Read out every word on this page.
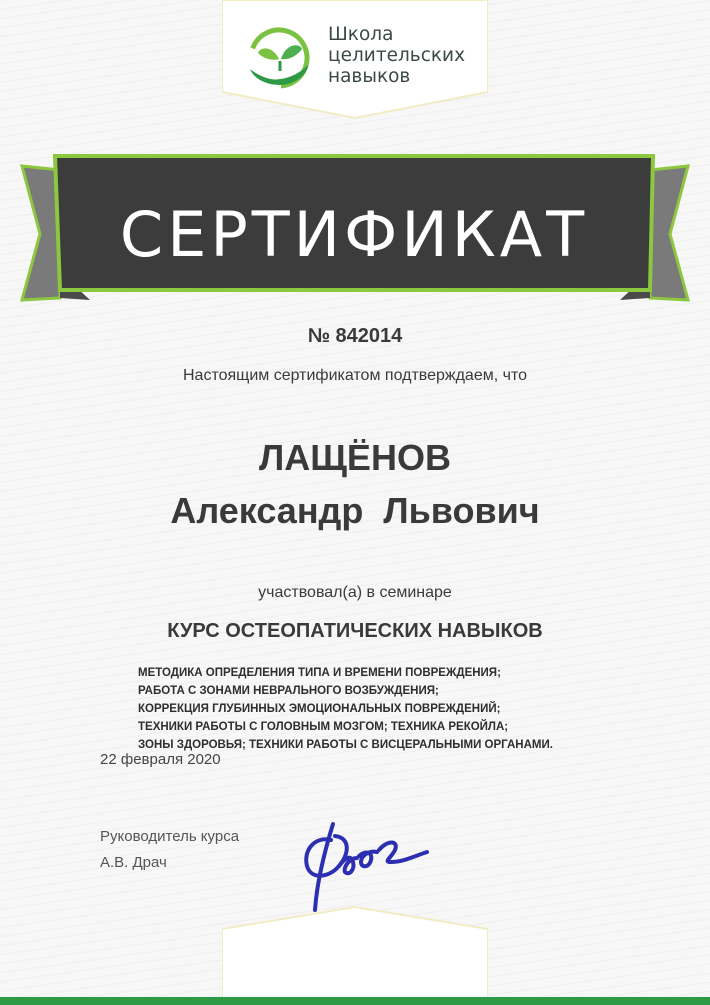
Школа
целительских
навыков
СЕРТИФИКАТ
№ 842014
Настоящим сертификатом подтверждаем, что
ЛАЩЁНОВ
Александр  Львович
участвовал(а) в семинаре
КУРС ОСТЕОПАТИЧЕСКИХ НАВЫКОВ
МЕТОДИКА ОПРЕДЕЛЕНИЯ ТИПА И ВРЕМЕНИ ПОВРЕЖДЕНИЯ;
РАБОТА С ЗОНАМИ НЕВРАЛЬНОГО ВОЗБУЖДЕНИЯ;
КОРРЕКЦИЯ ГЛУБИННЫХ ЭМОЦИОНАЛЬНЫХ ПОВРЕЖДЕНИЙ;
ТЕХНИКИ РАБОТЫ С ГОЛОВНЫМ МОЗГОМ; ТЕХНИКА РЕКОЙЛА;
ЗОНЫ ЗДОРОВЬЯ; ТЕХНИКИ РАБОТЫ С ВИСЦЕРАЛЬНЫМИ ОРГАНАМИ.
22 февраля 2020
Руководитель курса
А.В. Драч
